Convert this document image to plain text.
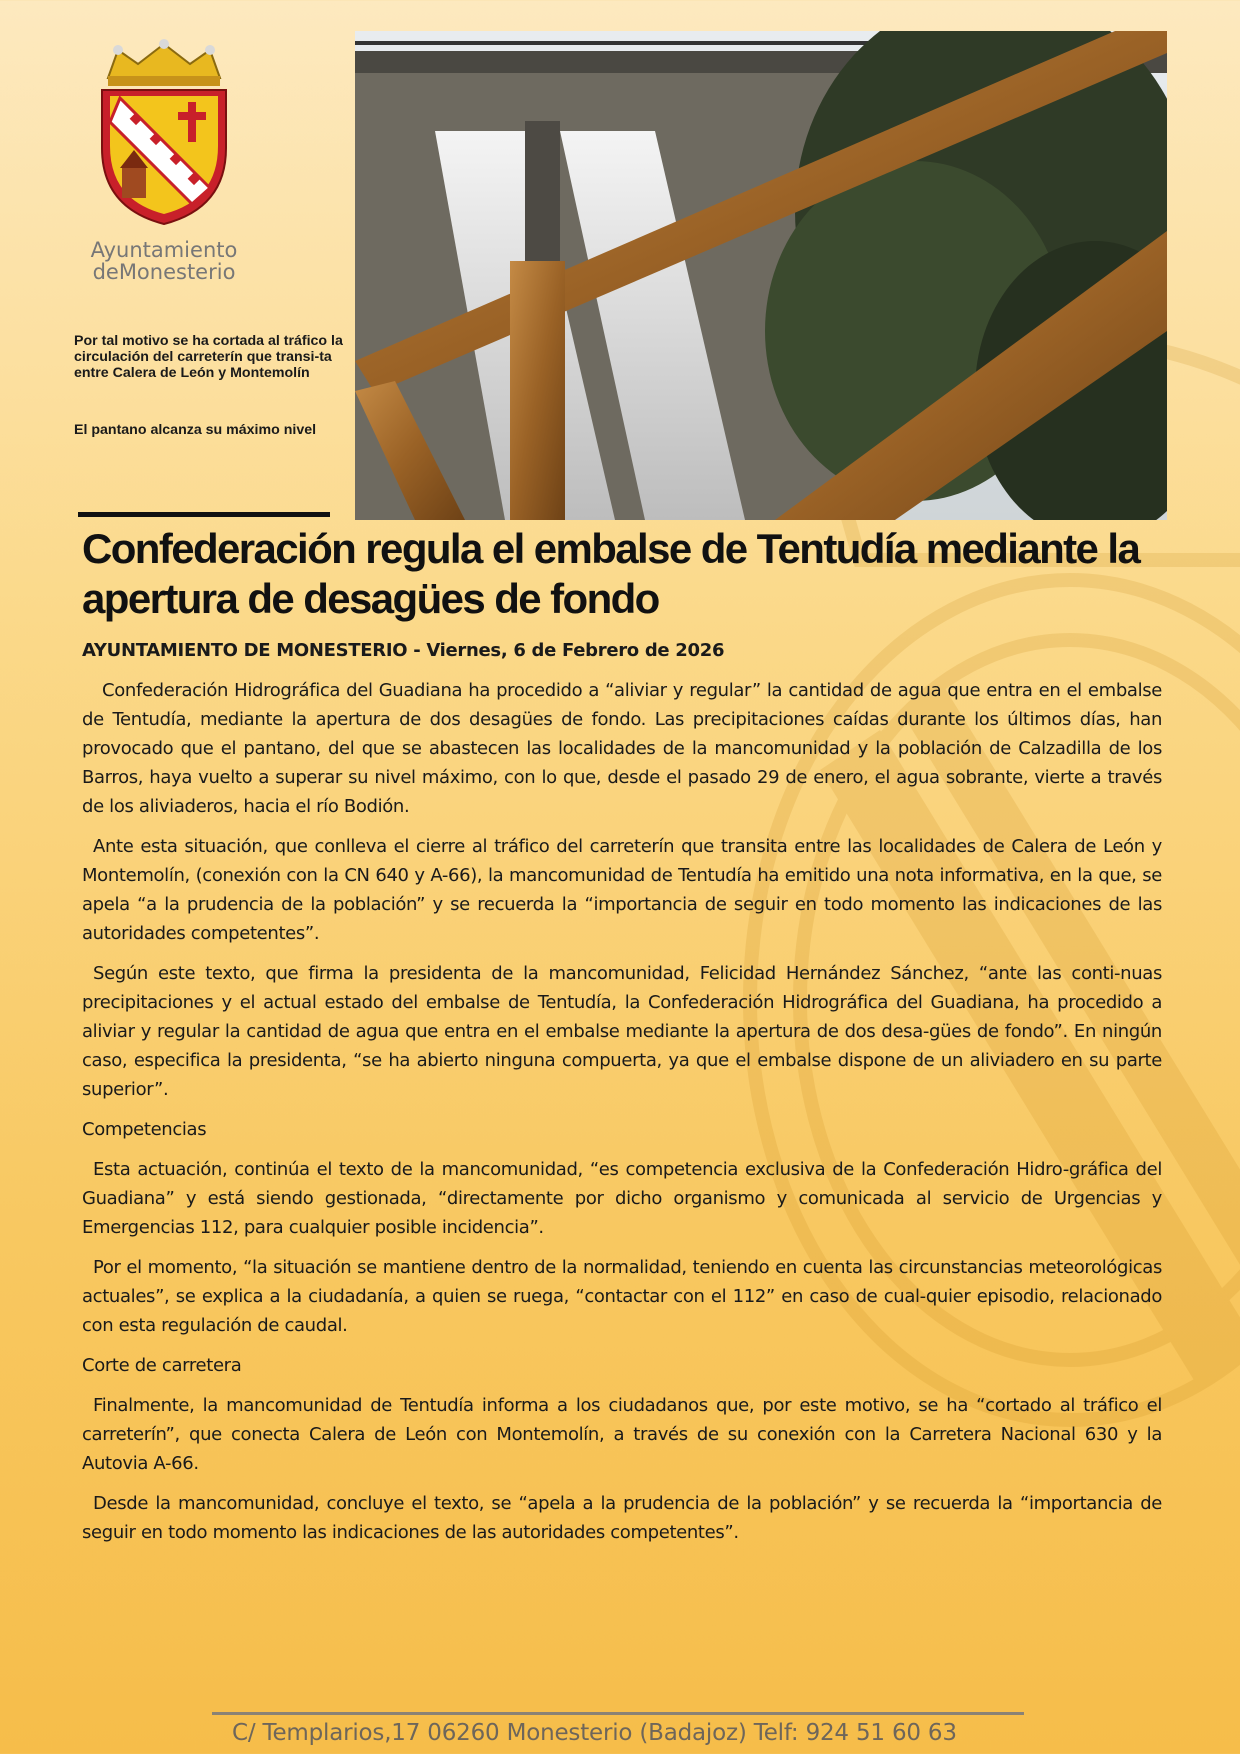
Ayuntamiento
deMonesterio
Por tal motivo se ha cortada al tráfico la circulación del carreterín que transi-ta entre Calera de León y Montemolín
El pantano alcanza su máximo nivel
Confederación regula el embalse de Tentudía mediante la apertura de desagües de fondo
AYUNTAMIENTO DE MONESTERIO - Viernes, 6 de Febrero de 2026

Confederación Hidrográfica del Guadiana ha procedido a “aliviar y regular” la cantidad de agua que entra en el embalse de Tentudía, mediante la apertura de dos desagües de fondo. Las precipitaciones caídas durante los últimos días, han provocado que el pantano, del que se abastecen las localidades de la mancomunidad y la población de Calzadilla de los Barros, haya vuelto a superar su nivel máximo, con lo que, desde el pasado 29 de enero, el agua sobrante, vierte a través de los aliviaderos, hacia el río Bodión.

Ante esta situación, que conlleva el cierre al tráfico del carreterín que transita entre las localidades de Calera de León y Montemolín, (conexión con la CN 640 y A-66), la mancomunidad de Tentudía ha emitido una nota informativa, en la que, se apela “a la prudencia de la población” y se recuerda la “importancia de seguir en todo momento las indicaciones de las autoridades competentes”.

Según este texto, que firma la presidenta de la mancomunidad, Felicidad Hernández Sánchez, “ante las conti-nuas precipitaciones y el actual estado del embalse de Tentudía, la Confederación Hidrográfica del Guadiana, ha procedido a aliviar y regular la cantidad de agua que entra en el embalse mediante la apertura de dos desa-gües de fondo”. En ningún caso, especifica la presidenta, “se ha abierto ninguna compuerta, ya que el embalse dispone de un aliviadero en su parte superior”.

Competencias

Esta actuación, continúa el texto de la mancomunidad, “es competencia exclusiva de la Confederación Hidro-gráfica del Guadiana” y está siendo gestionada, “directamente por dicho organismo y comunicada al servicio de Urgencias y Emergencias 112, para cualquier posible incidencia”.

Por el momento, “la situación se mantiene dentro de la normalidad, teniendo en cuenta las circunstancias meteorológicas actuales”, se explica a la ciudadanía, a quien se ruega, “contactar con el 112” en caso de cual-quier episodio, relacionado con esta regulación de caudal.

Corte de carretera

Finalmente, la mancomunidad de Tentudía informa a los ciudadanos que, por este motivo, se ha “cortado al tráfico el carreterín”, que conecta Calera de León con Montemolín, a través de su conexión con la Carretera Nacional 630 y la Autovia A-66.

Desde la mancomunidad, concluye el texto, se “apela a la prudencia de la población” y se recuerda la “importancia de seguir en todo momento las indicaciones de las autoridades competentes”.

C/ Templarios,17 06260 Monesterio (Badajoz) Telf: 924 51 60 63
